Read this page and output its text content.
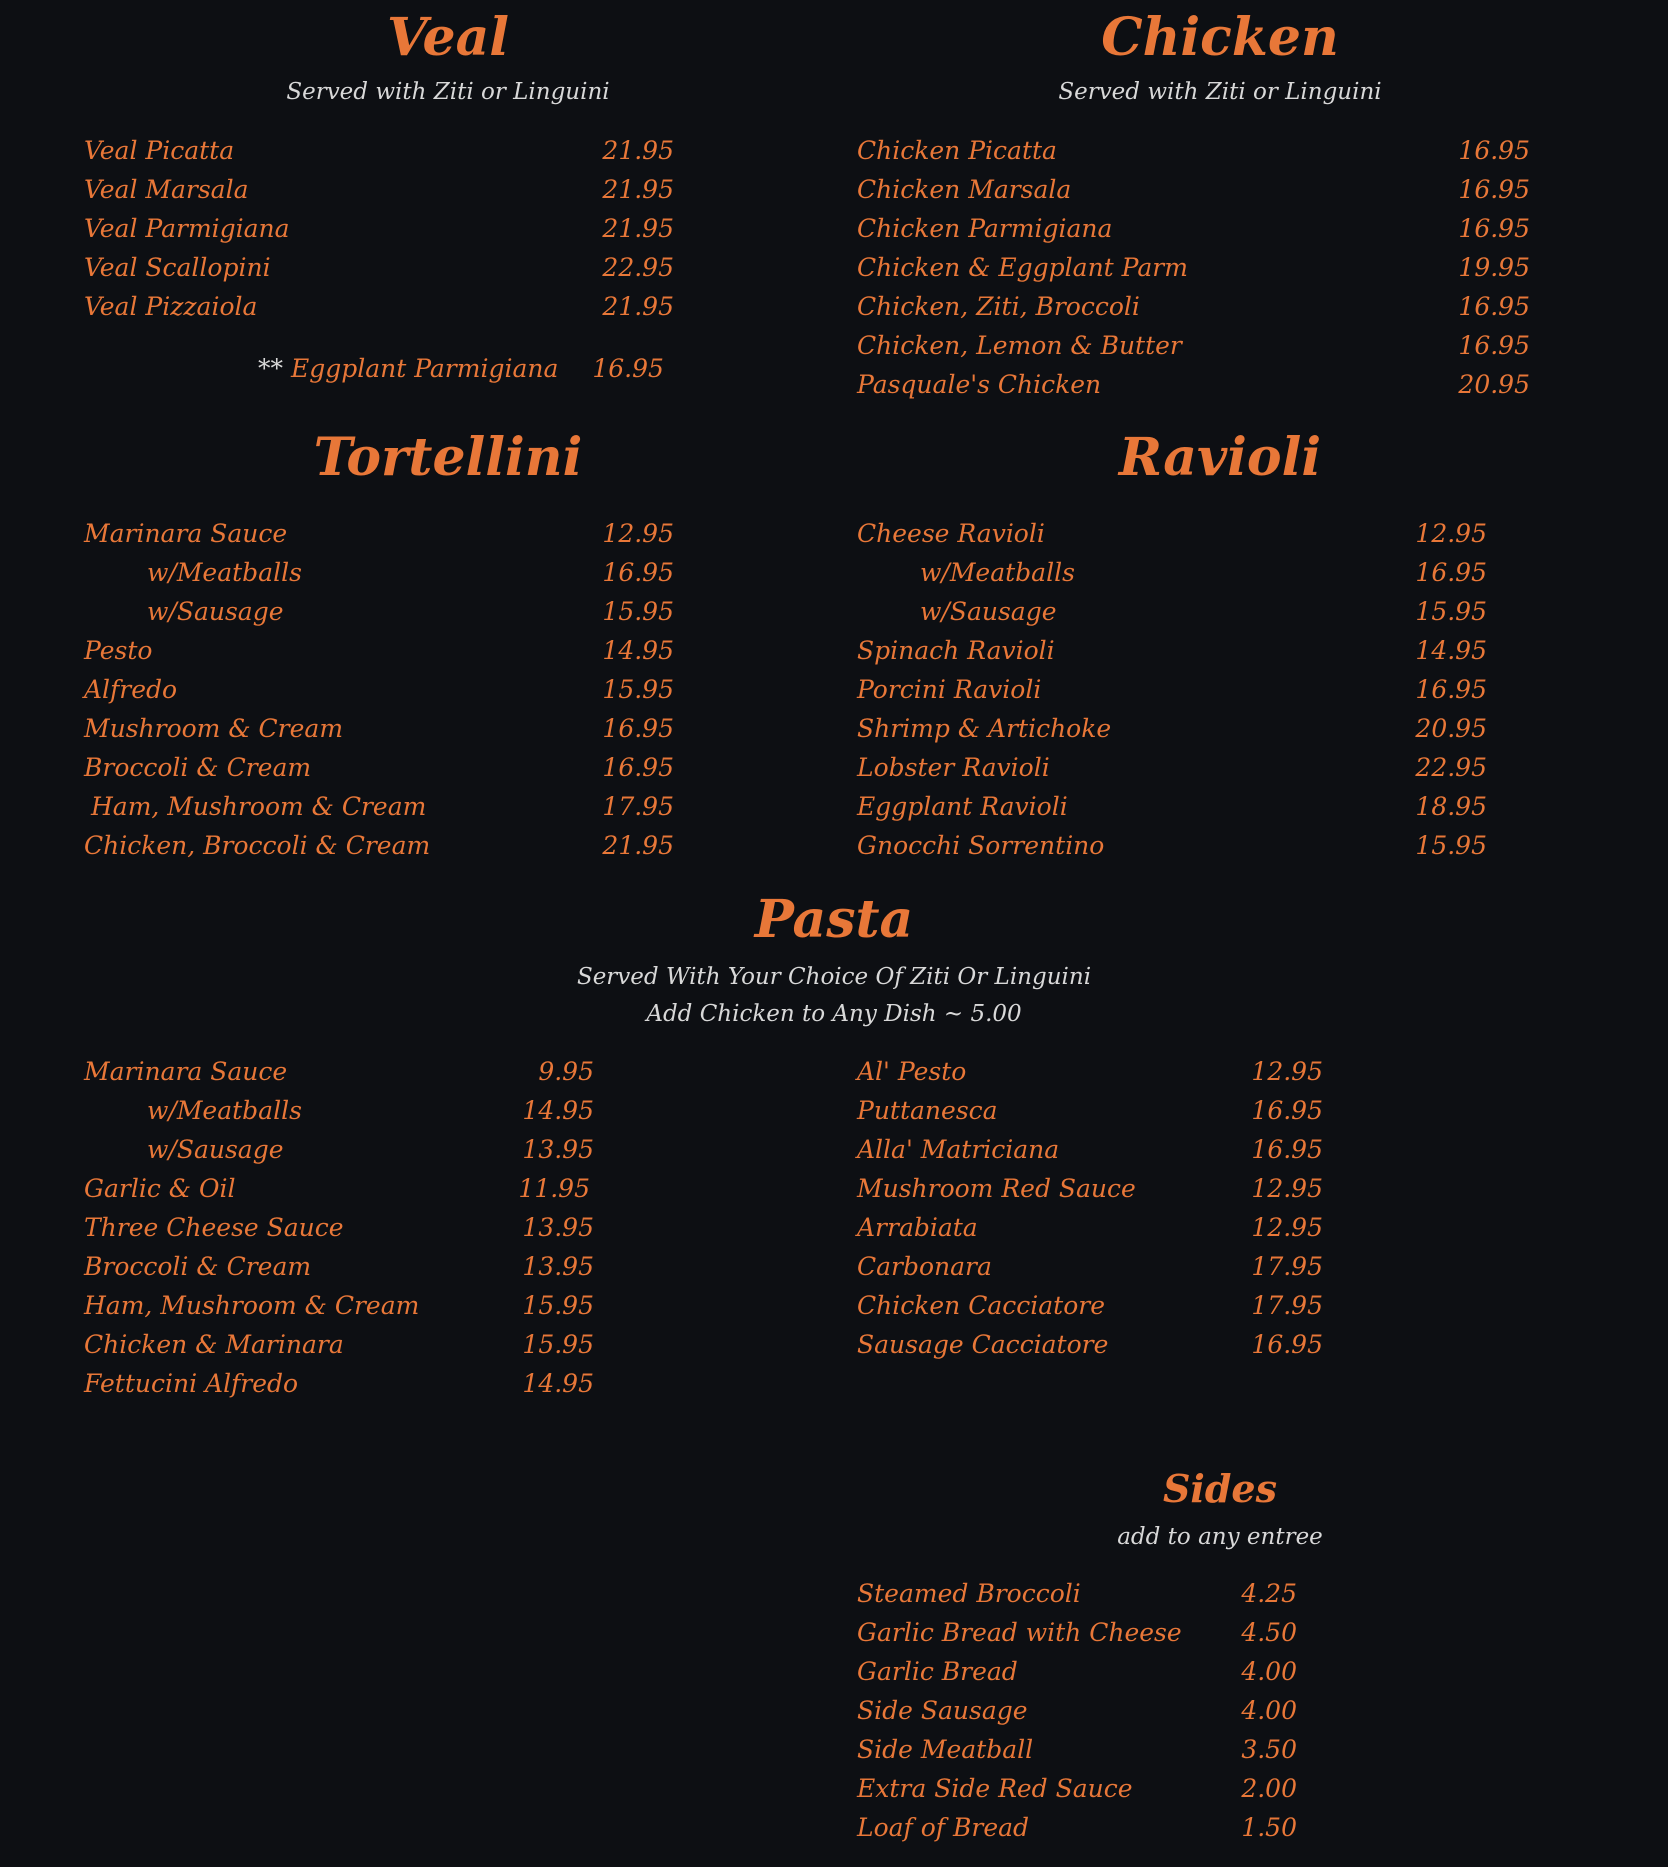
Veal
Served with Ziti or Linguini
Veal Picatta	21.95
Veal Marsala	21.95
Veal Parmigiana	21.95
Veal Scallopini	22.95
Veal Pizzaiola	21.95
** Eggplant Parmigiana 16.95
Chicken
Served with Ziti or Linguini
Chicken Picatta	16.95
Chicken Marsala	16.95
Chicken Parmigiana	16.95
Chicken & Eggplant Parm	19.95
Chicken, Ziti, Broccoli	16.95
Chicken, Lemon & Butter	16.95
Pasquale's Chicken	20.95
Tortellini
Marinara Sauce	12.95
w/Meatballs	16.95
w/Sausage	15.95
Pesto	14.95
Alfredo	15.95
Mushroom & Cream	16.95
Broccoli & Cream	16.95
Ham, Mushroom & Cream	17.95
Chicken, Broccoli & Cream	21.95
Ravioli
Cheese Ravioli	12.95
w/Meatballs	16.95
w/Sausage	15.95
Spinach Ravioli	14.95
Porcini Ravioli	16.95
Shrimp & Artichoke	20.95
Lobster Ravioli	22.95
Eggplant Ravioli	18.95
Gnocchi Sorrentino	15.95
Pasta
Served With Your Choice Of Ziti Or Linguini
Add Chicken to Any Dish ~ 5.00
Marinara Sauce	9.95
w/Meatballs	14.95
w/Sausage	13.95
Garlic & Oil	11.95
Three Cheese Sauce	13.95
Broccoli & Cream	13.95
Ham, Mushroom & Cream	15.95
Chicken & Marinara	15.95
Fettucini Alfredo	14.95
Al' Pesto	12.95
Puttanesca	16.95
Alla' Matriciana	16.95
Mushroom Red Sauce	12.95
Arrabiata	12.95
Carbonara	17.95
Chicken Cacciatore	17.95
Sausage Cacciatore	16.95
Sides
add to any entree
Steamed Broccoli	4.25
Garlic Bread with Cheese	4.50
Garlic Bread	4.00
Side Sausage	4.00
Side Meatball	3.50
Extra Side Red Sauce	2.00
Loaf of Bread	1.50
